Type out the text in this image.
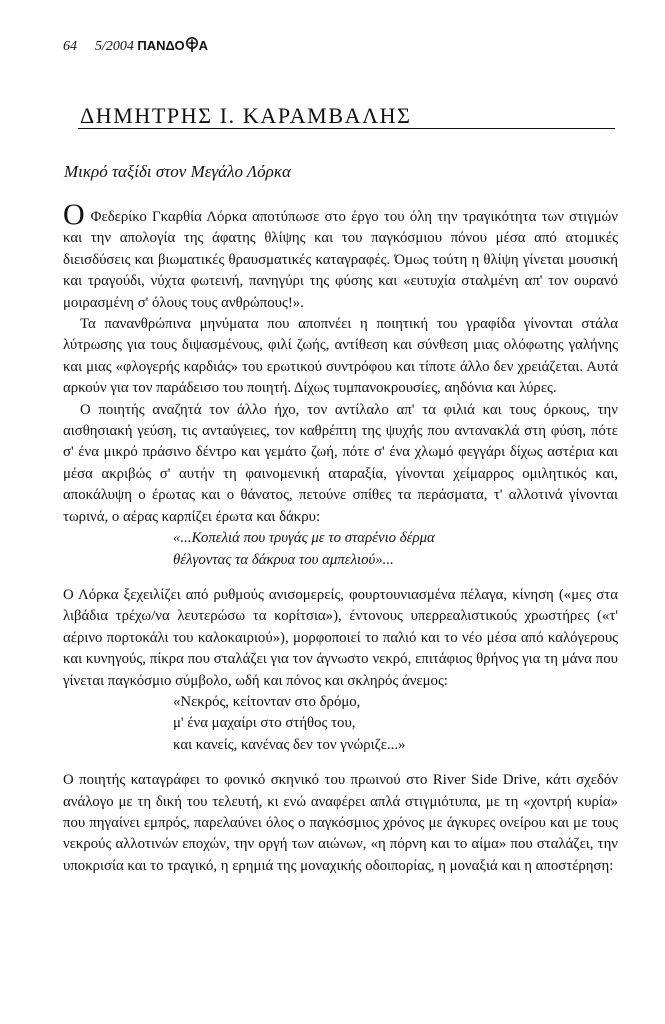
64 5/2004 ΠΑΝΔΟ Α
ΔΗΜΗΤΡΗΣ Ι. ΚΑΡΑΜΒΑΛΗΣ
Μικρό ταξίδι στον Μεγάλο Λόρκα

Ο Φεδερίκο Γκαρθία Λόρκα αποτύπωσε στο έργο του όλη την τραγικότητα των στιγμών και την απολογία της άφατης θλίψης και του παγκόσμιου πόνου μέσα από ατομικές διεισδύσεις και βιωματικές θραυσματικές καταγραφές. Όμως τούτη η θλίψη γίνεται μουσική και τραγούδι, νύχτα φωτεινή, πανηγύρι της φύσης και «ευτυχία σταλμένη απ' τον ουρανό μοιρασμένη σ' όλους τους ανθρώπους!».

Τα πανανθρώπινα μηνύματα που αποπνέει η ποιητική του γραφίδα γίνονται στάλα λύτρωσης για τους διψασμένους, φιλί ζωής, αντίθεση και σύνθεση μιας ολόφωτης γαλήνης και μιας «φλογερής καρδιάς» του ερωτικού συντρόφου και τίποτε άλλο δεν χρειάζεται. Αυτά αρκούν για τον παράδεισο του ποιητή. Δίχως τυμπανοκρουσίες, αηδόνια και λύρες.

Ο ποιητής αναζητά τον άλλο ήχο, τον αντίλαλο απ' τα φιλιά και τους όρκους, την αισθησιακή γεύση, τις ανταύγειες, τον καθρέπτη της ψυχής που αντανακλά στη φύση, πότε σ' ένα μικρό πράσινο δέντρο και γεμάτο ζωή, πότε σ' ένα χλωμό φεγγάρι δίχως αστέρια και μέσα ακριβώς σ' αυτήν τη φαινομενική αταραξία, γίνονται χείμαρρος ομιλητικός και, αποκάλυψη ο έρωτας και ο θάνατος, πετούνε σπίθες τα περάσματα, τ' αλλοτινά γίνονται τωρινά, ο αέρας καρπίζει έρωτα και δάκρυ:

«...Κοπελιά που τρυγάς με το σταρένιο δέρμα

θέλγοντας τα δάκρυα του αμπελιού»...

Ο Λόρκα ξεχειλίζει από ρυθμούς ανισομερείς, φουρτουνιασμένα πέλαγα, κίνηση («μες στα λιβάδια τρέχω/να λευτερώσω τα κορίτσια»), έντονους υπερρεαλιστικούς χρωστήρες («τ' αέρινο πορτοκάλι του καλοκαιριού»), μορφοποιεί το παλιό και το νέο μέσα από καλόγερους και κυνηγούς, πίκρα που σταλάζει για τον άγνωστο νεκρό, επιτάφιος θρήνος για τη μάνα που γίνεται παγκόσμιο σύμβολο, ωδή και πόνος και σκληρός άνεμος:

«Νεκρός, κείτονταν στο δρόμο,

μ' ένα μαχαίρι στο στήθος του,

και κανείς, κανένας δεν τον γνώριζε...»

Ο ποιητής καταγράφει το φονικό σκηνικό του πρωινού στο River Side Drive, κάτι σχεδόν ανάλογο με τη δική του τελευτή, κι ενώ αναφέρει απλά στιγμιότυπα, με τη «χοντρή κυρία» που πηγαίνει εμπρός, παρελαύνει όλος ο παγκόσμιος χρόνος με άγκυρες ονείρου και με τους νεκρούς αλλοτινών εποχών, την οργή των αιώνων, «η πόρνη και το αίμα» που σταλάζει, την υποκρισία και το τραγικό, η ερημιά της μοναχικής οδοιπορίας, η μοναξιά και η αποστέρηση:
